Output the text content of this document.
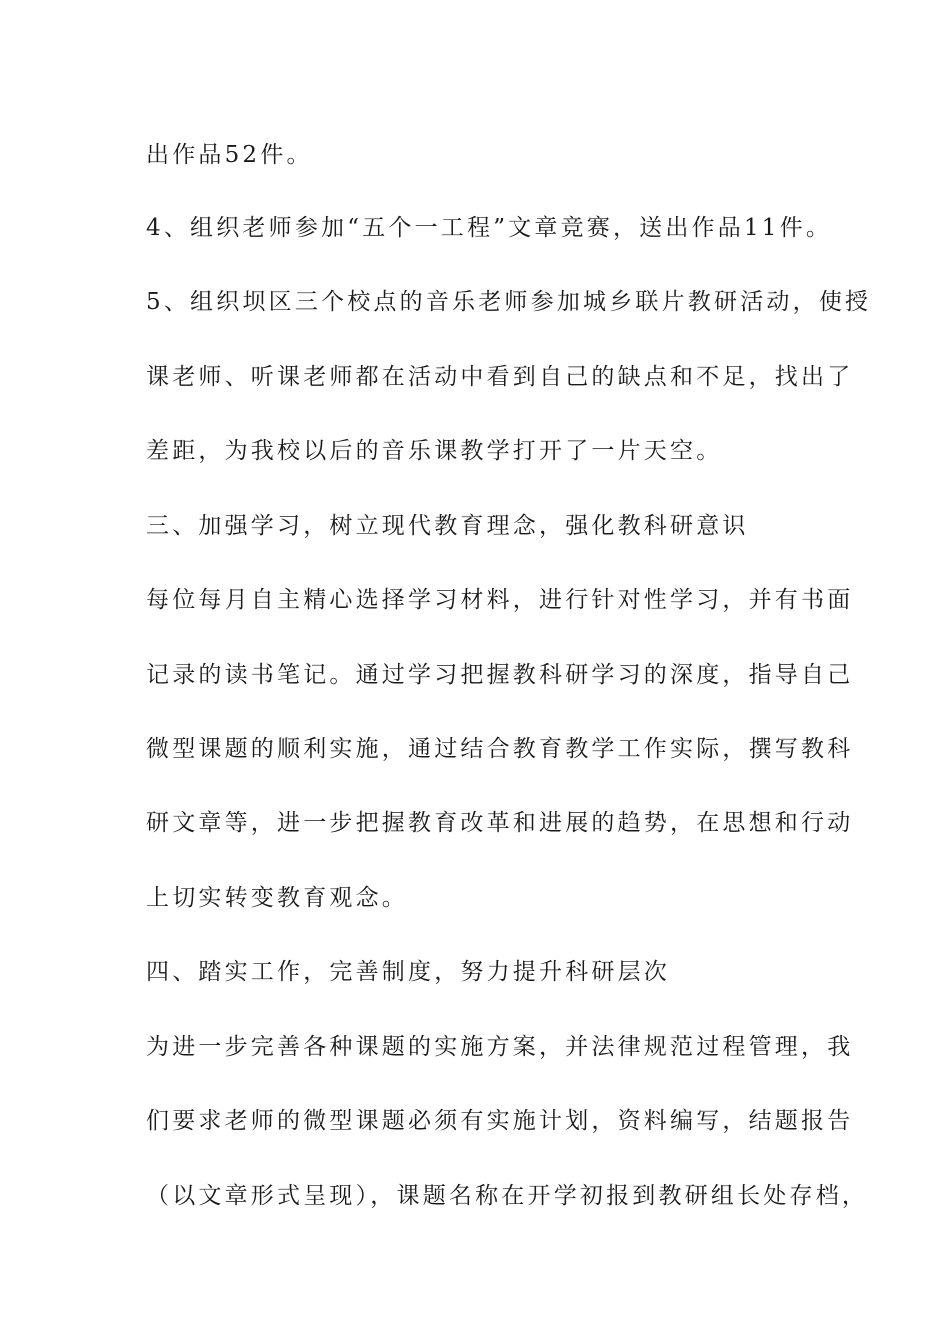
出作品52件。
4、组织老师参加“五个一工程”文章竞赛，送出作品11件。
5、组织坝区三个校点的音乐老师参加城乡联片教研活动，使授
课老师、听课老师都在活动中看到自己的缺点和不足，找出了
差距，为我校以后的音乐课教学打开了一片天空。
三、加强学习，树立现代教育理念，强化教科研意识
每位每月自主精心选择学习材料，进行针对性学习，并有书面
记录的读书笔记。通过学习把握教科研学习的深度，指导自己
微型课题的顺利实施，通过结合教育教学工作实际，撰写教科
研文章等，进一步把握教育改革和进展的趋势，在思想和行动
上切实转变教育观念。
四、踏实工作，完善制度，努力提升科研层次
为进一步完善各种课题的实施方案，并法律规范过程管理，我
们要求老师的微型课题必须有实施计划，资料编写，结题报告
（以文章形式呈现），课题名称在开学初报到教研组长处存档，
